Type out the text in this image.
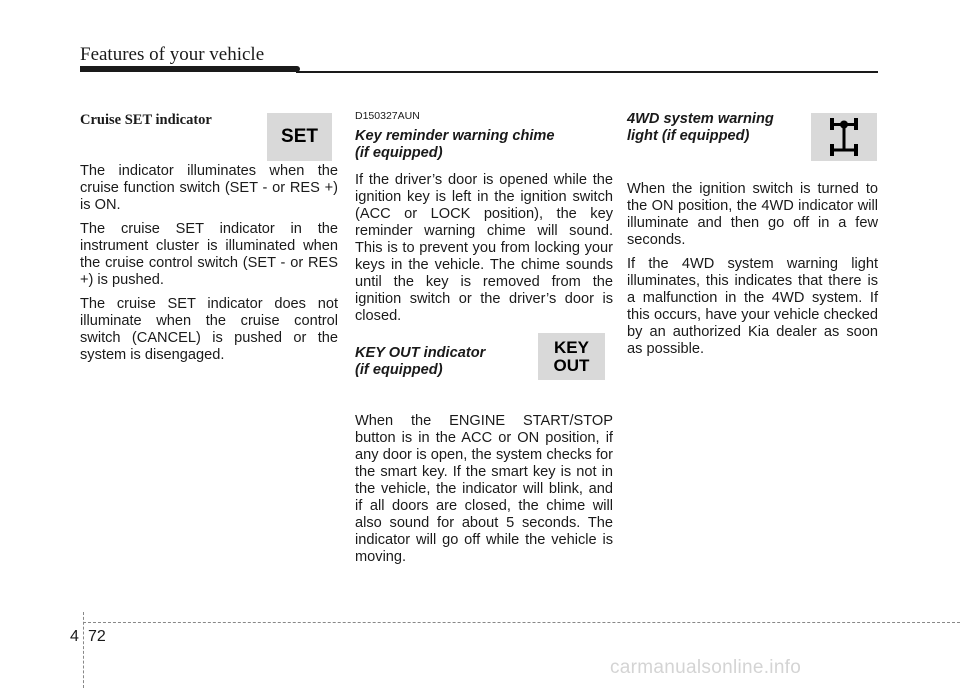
Features of your vehicle
Cruise SET indicator

The indicator illuminates when the cruise function switch (SET - or RES +) is ON.

The cruise SET indicator in the instrument cluster is illuminated when the cruise control switch (SET - or RES +) is pushed.

The cruise SET indicator does not illuminate when the cruise control switch (CANCEL) is pushed or the system is disengaged.

SET
D150327AUN
Key reminder warning chime
(if equipped)

If the driver’s door is opened while the ignition key is left in the ignition switch (ACC or LOCK position), the key reminder warning chime will sound. This is to prevent you from locking your keys in the vehicle. The chime sounds until the key is removed from the ignition switch or the driver’s door is closed.

KEY OUT indicator
(if equipped)

When the ENGINE START/STOP button is in the ACC or ON position, if any door is open, the system checks for the smart key. If the smart key is not in the vehicle, the indicator will blink, and if all doors are closed, the chime will also sound for about 5 seconds. The indicator will go off while the vehicle is moving.

KEY
OUT
4WD system warning
light (if equipped)

When the ignition switch is turned to the ON position, the 4WD indicator will illuminate and then go off in a few seconds.

If the 4WD system warning light illuminates, this indicates that there is a malfunction in the 4WD system. If this occurs, have your vehicle checked by an authorized Kia dealer as soon as possible.

4 72
carmanualsonline.info
